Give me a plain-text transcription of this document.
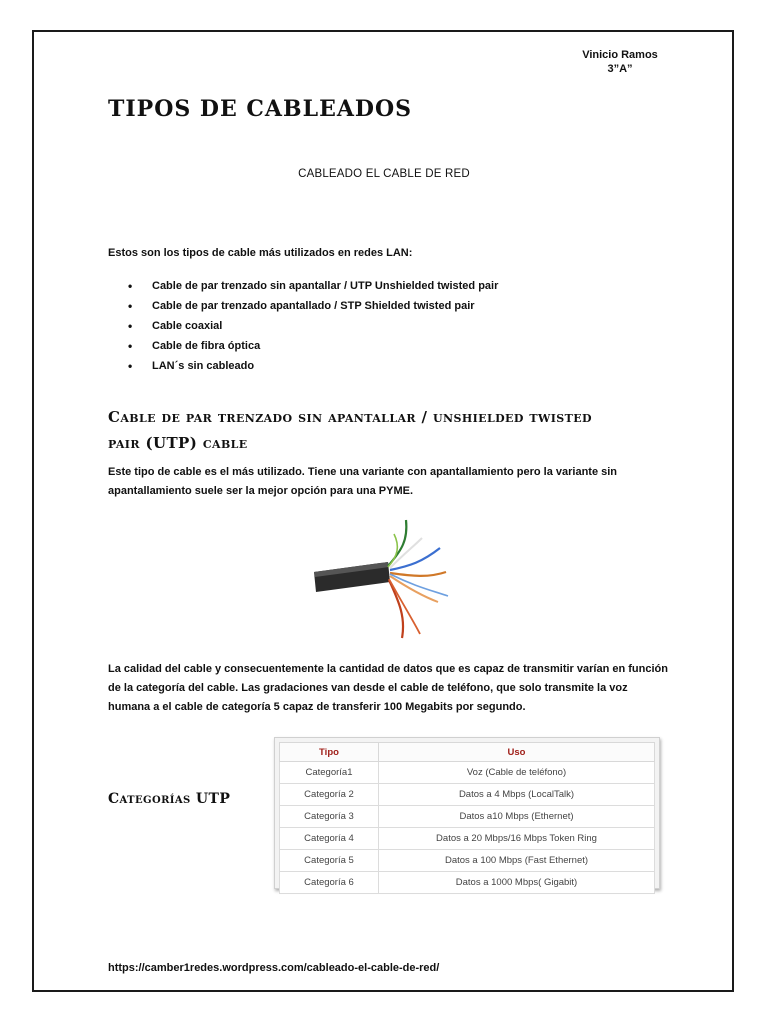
Vinicio Ramos
3”A”
TIPOS DE CABLEADOS
CABLEADO EL CABLE DE RED
Estos son los tipos de cable más utilizados en redes LAN:
• Cable de par trenzado sin apantallar / UTP Unshielded twisted pair
• Cable de par trenzado apantallado / STP Shielded twisted pair
• Cable coaxial
• Cable de fibra óptica
• LAN´s sin cableado
Cable de par trenzado sin apantallar / unshielded twisted pair (UTP) cable
Este tipo de cable es el más utilizado. Tiene una variante con apantallamiento pero la variante sin apantallamiento suele ser la mejor opción para una PYME.
La calidad del cable y consecuentemente la cantidad de datos que es capaz de transmitir varían en función de la categoría del cable. Las gradaciones van desde el cable de teléfono, que solo transmite la voz humana a el cable de categoría 5 capaz de transferir 100 Megabits por segundo.
Categorías UTP
Tipo	Uso
Categoría1	Voz (Cable de teléfono)
Categoría 2	Datos a 4 Mbps (LocalTalk)
Categoría 3	Datos a10 Mbps (Ethernet)
Categoría 4	Datos a 20 Mbps/16 Mbps Token Ring
Categoría 5	Datos a 100 Mbps (Fast Ethernet)
Categoría 6	Datos a 1000 Mbps( Gigabit)
https://camber1redes.wordpress.com/cableado-el-cable-de-red/
